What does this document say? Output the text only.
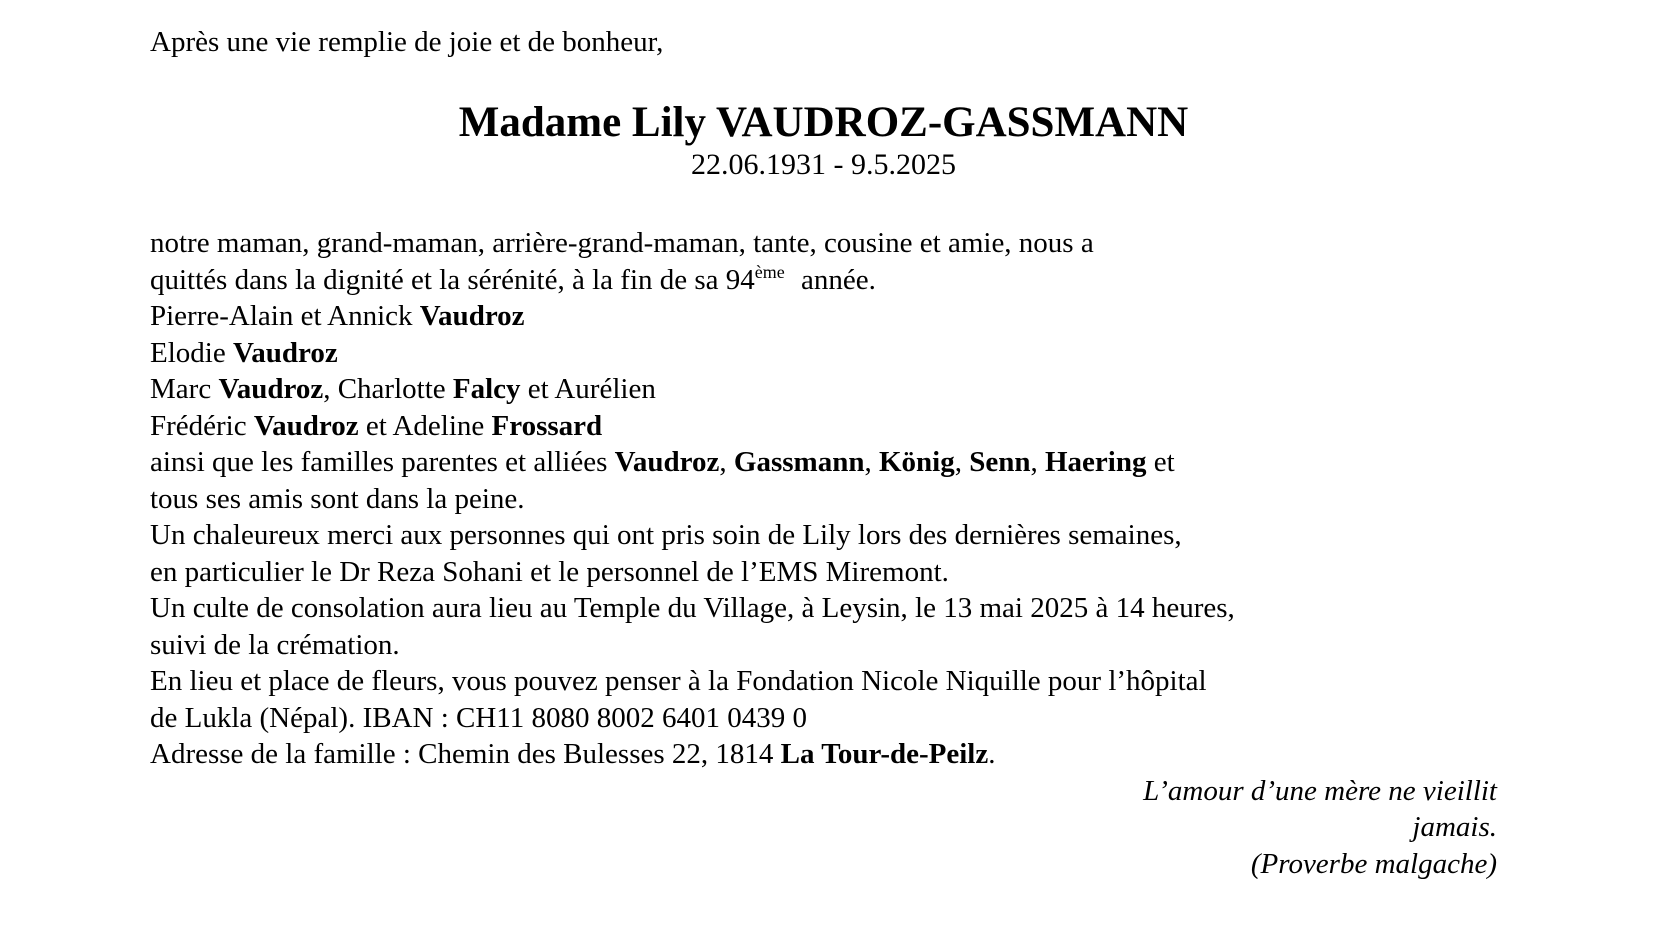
Après une vie remplie de joie et de bonheur,
Madame Lily VAUDROZ-GASSMANN
22.06.1931 - 9.5.2025
notre maman, grand-maman, arrière-grand-maman, tante, cousine et amie, nous a
quittés dans la dignité et la sérénité, à la fin de sa 94ème année.
Pierre-Alain et Annick Vaudroz
Elodie Vaudroz
Marc Vaudroz, Charlotte Falcy et Aurélien
Frédéric Vaudroz et Adeline Frossard
ainsi que les familles parentes et alliées Vaudroz, Gassmann, König, Senn, Haering et
tous ses amis sont dans la peine.
Un chaleureux merci aux personnes qui ont pris soin de Lily lors des dernières semaines,
en particulier le Dr Reza Sohani et le personnel de l’EMS Miremont.
Un culte de consolation aura lieu au Temple du Village, à Leysin, le 13 mai 2025 à 14 heures,
suivi de la crémation.
En lieu et place de fleurs, vous pouvez penser à la Fondation Nicole Niquille pour l’hôpital
de Lukla (Népal). IBAN : CH11 8080 8002 6401 0439 0
Adresse de la famille : Chemin des Bulesses 22, 1814 La Tour-de-Peilz.
L’amour d’une mère ne vieillit
jamais.
(Proverbe malgache)
